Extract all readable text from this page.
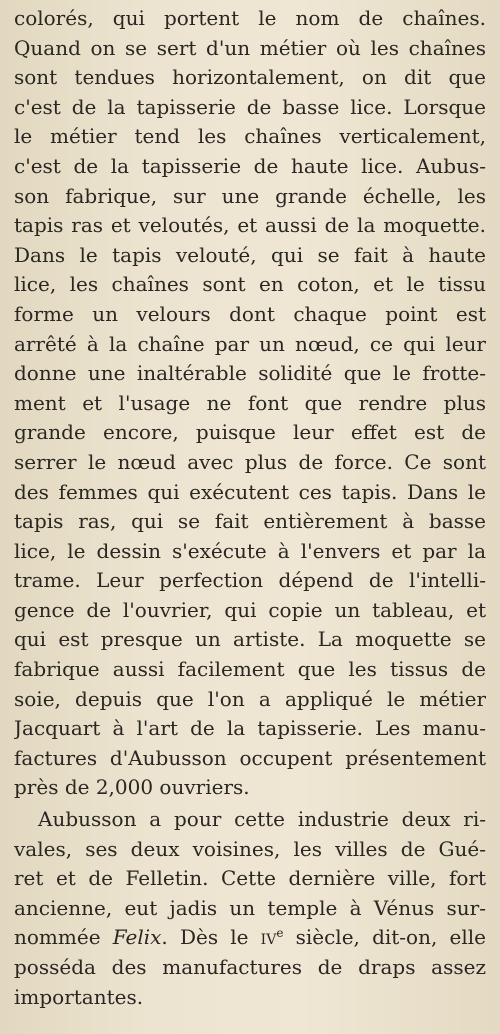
colorés, qui portent le nom de chaînes.
Quand on se sert d'un métier où les chaînes
sont tendues horizontalement, on dit que
c'est de la tapisserie de basse lice. Lorsque
le métier tend les chaînes verticalement,
c'est de la tapisserie de haute lice. Aubus-
son fabrique, sur une grande échelle, les
tapis ras et veloutés, et aussi de la moquette.
Dans le tapis velouté, qui se fait à haute
lice, les chaînes sont en coton, et le tissu
forme un velours dont chaque point est
arrêté à la chaîne par un nœud, ce qui leur
donne une inaltérable solidité que le frotte-
ment et l'usage ne font que rendre plus
grande encore, puisque leur effet est de
serrer le nœud avec plus de force. Ce sont
des femmes qui exécutent ces tapis. Dans le
tapis ras, qui se fait entièrement à basse
lice, le dessin s'exécute à l'envers et par la
trame. Leur perfection dépend de l'intelli-
gence de l'ouvrier, qui copie un tableau, et
qui est presque un artiste. La moquette se
fabrique aussi facilement que les tissus de
soie, depuis que l'on a appliqué le métier
Jacquart à l'art de la tapisserie. Les manu-
factures d'Aubusson occupent présentement
près de 2,000 ouvriers.
Aubusson a pour cette industrie deux ri-
vales, ses deux voisines, les villes de Gué-
ret et de Felletin. Cette dernière ville, fort
ancienne, eut jadis un temple à Vénus sur-
nommée Felix. Dès le $iv^e$ siècle, dit-on, elle
posséda des manufactures de draps assez
importantes.
